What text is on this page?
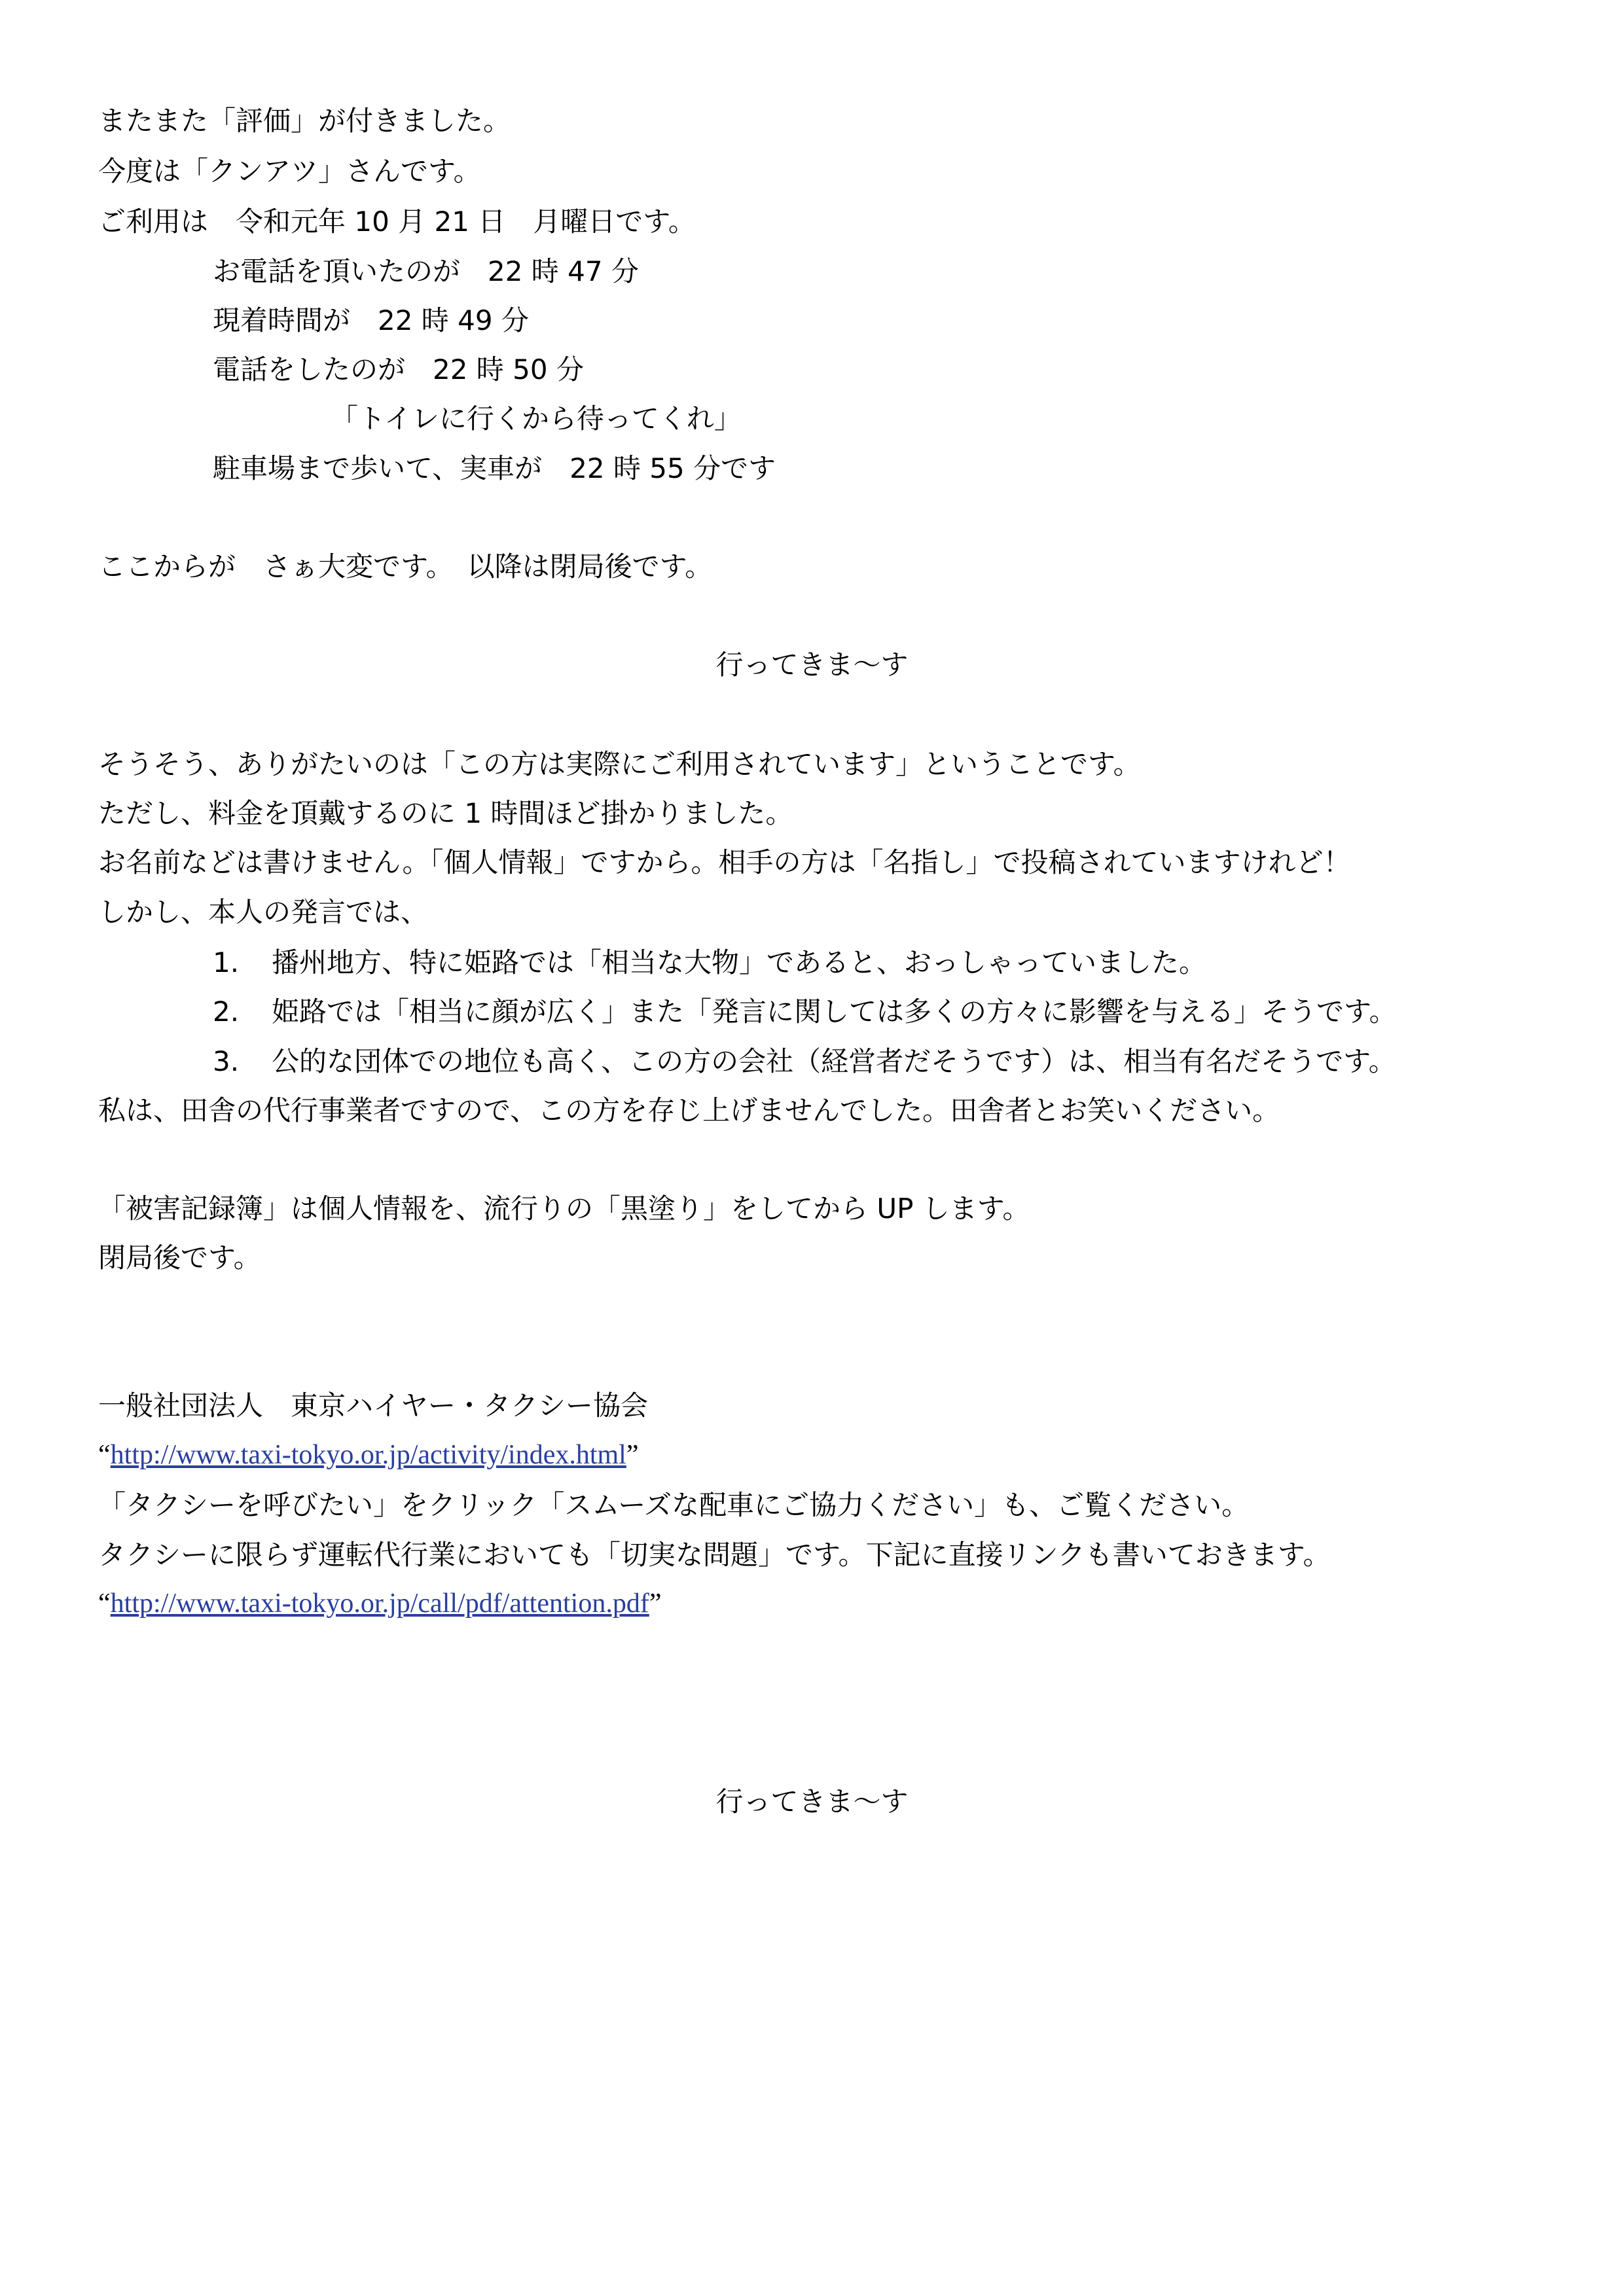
またまた「評価」が付きました。
今度は「クンアツ」さんです。
ご利用は　令和元年 10 月 21 日　月曜日です。
お電話を頂いたのが　22 時 47 分
現着時間が　22 時 49 分
電話をしたのが　22 時 50 分
「トイレに行くから待ってくれ」
駐車場まで歩いて、実車が　22 時 55 分です
ここからが　さぁ大変です。　以降は閉局後です。
行ってきま～す
そうそう、ありがたいのは「この方は実際にご利用されています」ということです。
ただし、料金を頂戴するのに 1 時間ほど掛かりました。
お名前などは書けません。「個人情報」ですから。相手の方は「名指し」で投稿されていますけれど！
しかし、本人の発言では、
1. 播州地方、特に姫路では「相当な大物」であると、おっしゃっていました。
2. 姫路では「相当に顔が広く」また「発言に関しては多くの方々に影響を与える」そうです。
3. 公的な団体での地位も高く、この方の会社（経営者だそうです）は、相当有名だそうです。
私は、田舎の代行事業者ですので、この方を存じ上げませんでした。田舎者とお笑いください。
「被害記録簿」は個人情報を、流行りの「黒塗り」をしてから UP します。
閉局後です。
一般社団法人　東京ハイヤー・タクシー協会
“http://www.taxi-tokyo.or.jp/activity/index.html”
「タクシーを呼びたい」をクリック「スムーズな配車にご協力ください」も、ご覧ください。
タクシーに限らず運転代行業においても「切実な問題」です。下記に直接リンクも書いておきます。
“http://www.taxi-tokyo.or.jp/call/pdf/attention.pdf”
行ってきま～す
